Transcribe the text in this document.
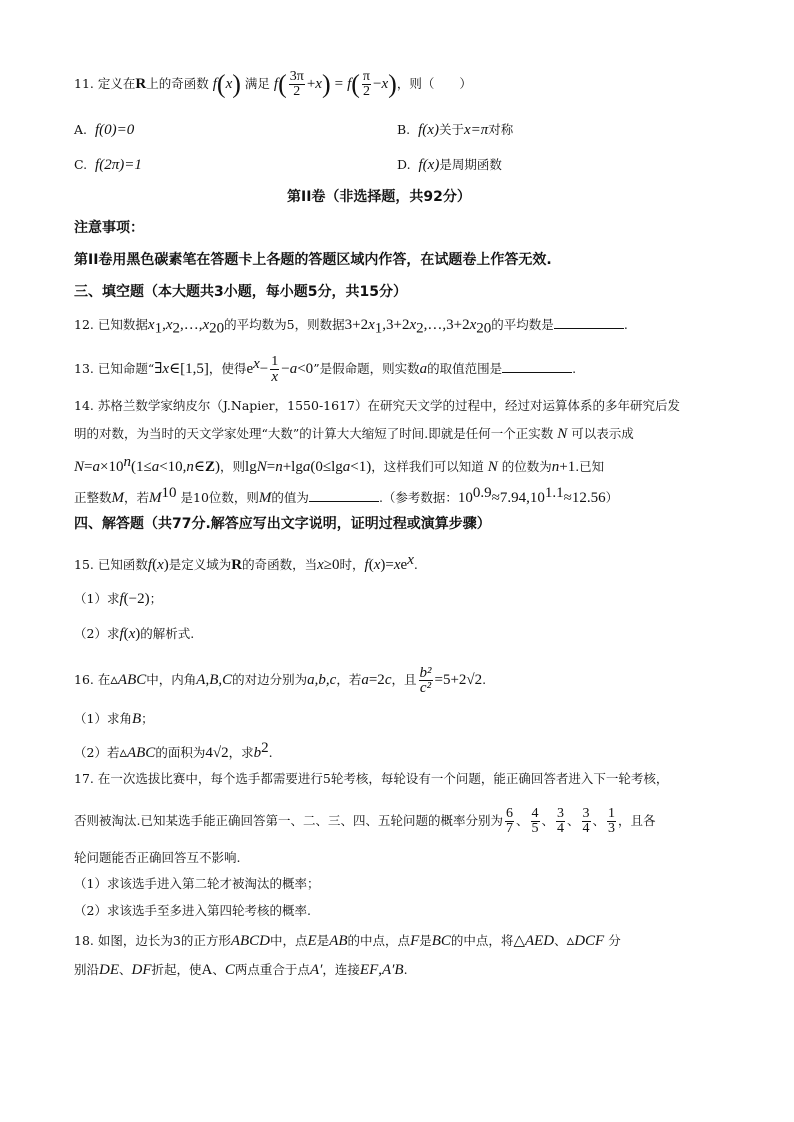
11. 定义在R上的奇函数 f(x) 满足 $f( \frac{3\pi}{2} +x) = f( \frac{\pi}{2} -x)$，则（　　）
A. f(0)=0	B. f(x)关于x=π对称
C. f(2π)=1	D. f(x)是周期函数
第II卷（非选择题，共92分）
注意事项：
第II卷用黑色碳素笔在答题卡上各题的答题区域内作答，在试题卷上作答无效.
三、填空题（本大题共3小题，每小题5分，共15分）
12. 已知数据$x_1,x_2,\dots,x_{20}$的平均数为5，则数据$3+2x_1,3+2x_2,\dots,3+2x_{20}$的平均数是	.
13. 已知命题“∃x∈[1,5]，使得$e^x- \frac{1}{x} -a<0$”是假命题，则实数a的取值范围是	.
14. 苏格兰数学家纳皮尔（J.Napier，1550-1617）在研究天文学的过程中，经过对运算体系的多年研究后发
明的对数，为当时的天文学家处理“大数”的计算大大缩短了时间.即就是任何一个正实数 N 可以表示成
$N=a\times 10^n(1\le a<10,n\in Z)$，则lgN=n+lga(0≤lga<1)，这样我们可以知道 N 的位数为n+1.已知
正整数M，若$M^{10}$ 是10位数，则M的值为	.（参考数据：$10^{0.9}\approx 7.94,10^{1.1}\approx 12.56$）
四、解答题（共77分.解答应写出文字说明，证明过程或演算步骤）
15. 已知函数f(x)是定义域为R的奇函数，当x≥0时，$f(x)=xe^x$.
（1）求f(−2)；
（2）求f(x)的解析式.
16. 在▵ABC中，内角A,B,C的对边分别为a,b,c，若a=2c，且 $\frac{\text{b²}}{\text{c²}} =5+2√2$.
（1）求角B；
（2）若▵ABC的面积为4√2，求$b^2$.
17. 在一次选拔比赛中，每个选手都需要进行5轮考核，每轮设有一个问题，能正确回答者进入下一轮考核，
否则被淘汰.已知某选手能正确回答第一、二、三、四、五轮问题的概率分别为 $\frac{6}{7}$ 、 $\frac{4}{5}$ 、 $\frac{3}{4}$ 、 $\frac{3}{4}$ 、 $\frac{1}{3}$ ，且各
轮问题能否正确回答互不影响.
（1）求该选手进入第二轮才被淘汰的概率；
（2）求该选手至多进入第四轮考核的概率.
18. 如图，边长为3的正方形ABCD中，点E是AB的中点，点F是BC的中点，将△AED、▵DCF 分
别沿DE、DF折起，使A、C两点重合于点A′，连接EF,A′B.
